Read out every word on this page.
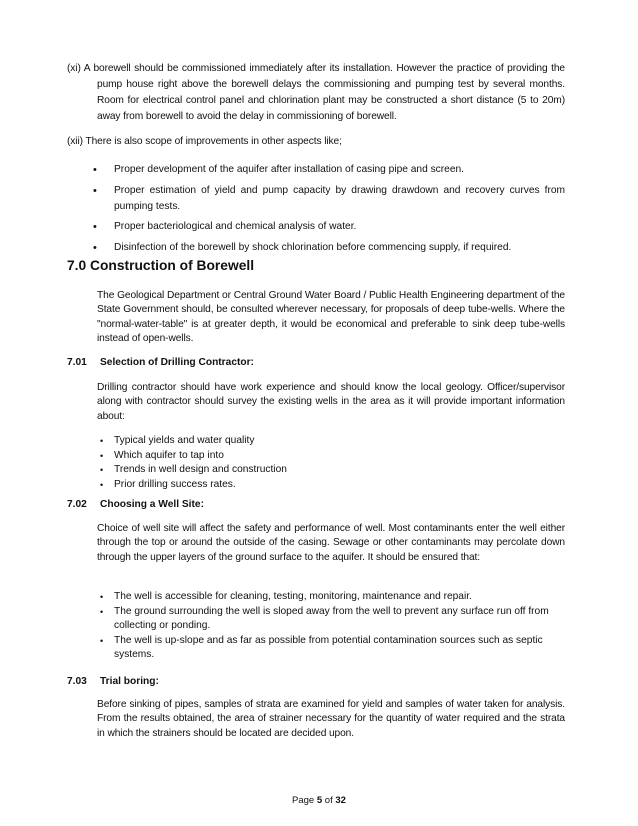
(xi) A borewell should be commissioned immediately after its installation. However the practice of providing the pump house right above the borewell delays the commissioning and pumping test by several months. Room for electrical control panel and chlorination plant may be constructed a short distance (5 to 20m) away from borewell to avoid the delay in commissioning of borewell.
(xii) There is also scope of improvements in other aspects like;
• Proper development of the aquifer after installation of casing pipe and screen.
• Proper estimation of yield and pump capacity by drawing drawdown and recovery curves from pumping tests.
• Proper bacteriological and chemical analysis of water.
• Disinfection of the borewell by shock chlorination before commencing supply, if required.
7.0 Construction of Borewell
The Geological Department or Central Ground Water Board / Public Health Engineering department of the State Government should, be consulted wherever necessary, for proposals of deep tube-wells. Where the "normal-water-table" is at greater depth, it would be economical and preferable to sink deep tube-wells instead of open-wells.
7.01 Selection of Drilling Contractor:
Drilling contractor should have work experience and should know the local geology. Officer/supervisor along with contractor should survey the existing wells in the area as it will provide important information about:
• Typical yields and water quality
• Which aquifer to tap into
• Trends in well design and construction
• Prior drilling success rates.
7.02 Choosing a Well Site:
Choice of well site will affect the safety and performance of well. Most contaminants enter the well either through the top or around the outside of the casing. Sewage or other contaminants may percolate down through the upper layers of the ground surface to the aquifer. It should be ensured that:
• The well is accessible for cleaning, testing, monitoring, maintenance and repair.
• The ground surrounding the well is sloped away from the well to prevent any surface run off from collecting or ponding.
• The well is up-slope and as far as possible from potential contamination sources such as septic systems.
7.03 Trial boring:
Before sinking of pipes, samples of strata are examined for yield and samples of water taken for analysis. From the results obtained, the area of strainer necessary for the quantity of water required and the strata in which the strainers should be located are decided upon.
Page 5 of 32
